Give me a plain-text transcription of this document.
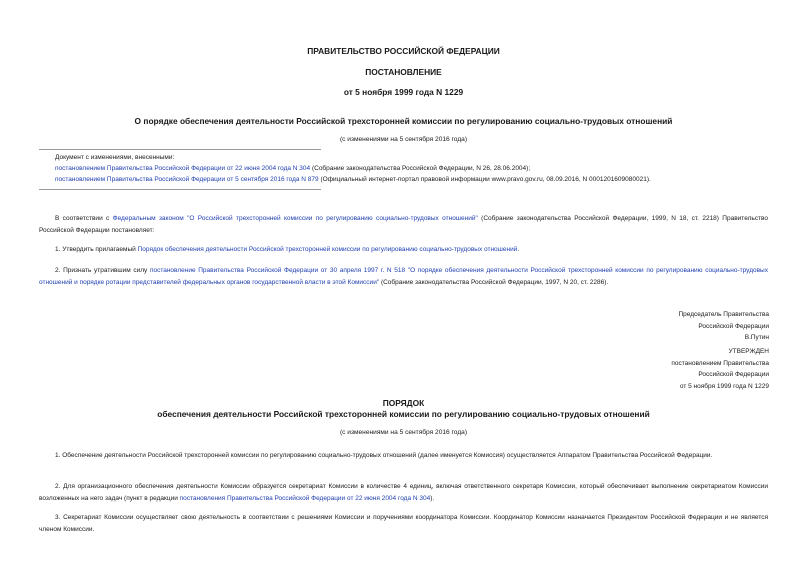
ПРАВИТЕЛЬСТВО РОССИЙСКОЙ ФЕДЕРАЦИИ
ПОСТАНОВЛЕНИЕ
от 5 ноября 1999 года N 1229
О порядке обеспечения деятельности Российской трехсторонней комиссии по регулированию социально-трудовых отношений
(с изменениями на 5 сентября 2016 года)
Документ с изменениями, внесенными:
постановлением Правительства Российской Федерации от 22 июня 2004 года N 304 (Собрание законодательства Российской Федерации, N 26, 28.06.2004);
постановлением Правительства Российской Федерации от 5 сентября 2016 года N 879 (Официальный интернет-портал правовой информации www.pravo.gov.ru, 08.09.2016, N 0001201609080021).
В соответствии с Федеральным законом "О Российской трехсторонней комиссии по регулированию социально-трудовых отношений" (Собрание законодательства Российской Федерации, 1999, N 18, ст. 2218) Правительство Российской Федерации постановляет:
1. Утвердить прилагаемый Порядок обеспечения деятельности Российской трехсторонней комиссии по регулированию социально-трудовых отношений.
2. Признать утратившим силу постановление Правительства Российской Федерации от 30 апреля 1997 г. N 518 "О порядке обеспечения деятельности Российской трехсторонней комиссии по регулированию социально-трудовых отношений и порядке ротации представителей федеральных органов государственной власти в этой Комиссии" (Собрание законодательства Российской Федерации, 1997, N 20, ст. 2286).
Председатель Правительства
Российской Федерации
В.Путин
УТВЕРЖДЕН
постановлением Правительства
Российской Федерации
от 5 ноября 1999 года N 1229
ПОРЯДОК
обеспечения деятельности Российской трехсторонней комиссии по регулированию социально-трудовых отношений
(с изменениями на 5 сентября 2016 года)
1. Обеспечение деятельности Российской трехсторонней комиссии по регулированию социально-трудовых отношений (далее именуется Комиссия) осуществляется Аппаратом Правительства Российской Федерации.
2. Для организационного обеспечения деятельности Комиссии образуется секретариат Комиссии в количестве 4 единиц, включая ответственного секретаря Комиссии, который обеспечивает выполнение секретариатом Комиссии возложенных на него задач (пункт в редакции постановления Правительства Российской Федерации от 22 июня 2004 года N 304).
3. Секретариат Комиссии осуществляет свою деятельность в соответствии с решениями Комиссии и поручениями координатора Комиссии. Координатор Комиссии назначается Президентом Российской Федерации и не является членом Комиссии.
